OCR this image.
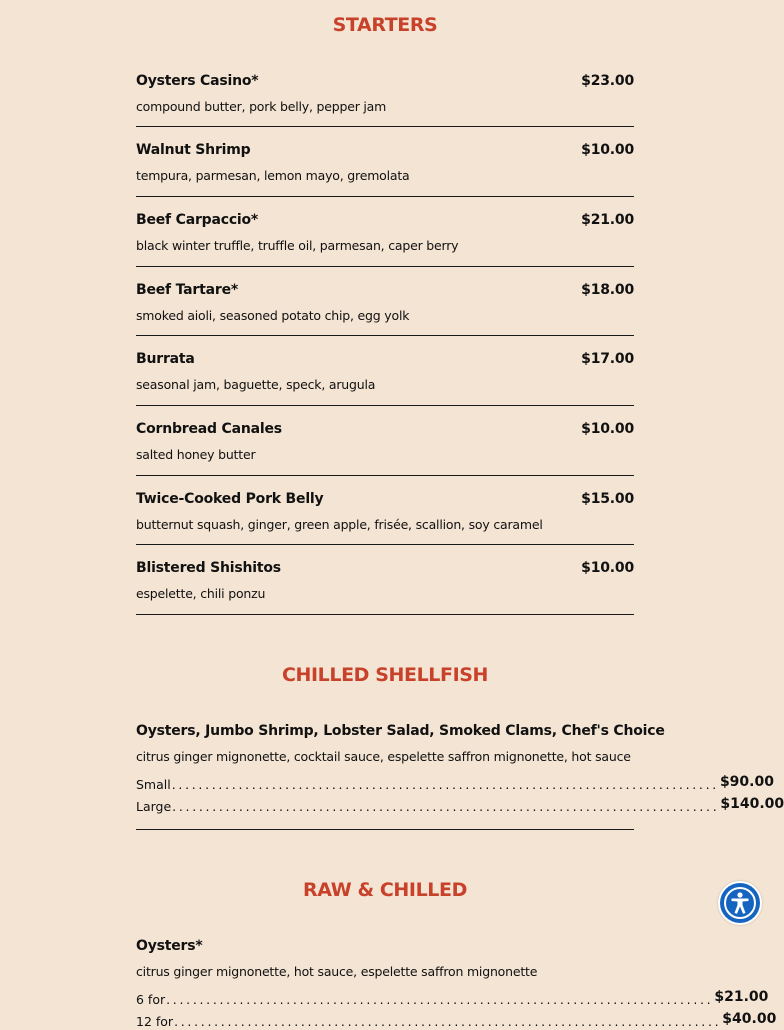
STARTERS
Oysters Casino*	$23.00
compound butter, pork belly, pepper jam
Walnut Shrimp	$10.00
tempura, parmesan, lemon mayo, gremolata
Beef Carpaccio*	$21.00
black winter truffle, truffle oil, parmesan, caper berry
Beef Tartare*	$18.00
smoked aioli, seasoned potato chip, egg yolk
Burrata	$17.00
seasonal jam, baguette, speck, arugula
Cornbread Canales	$10.00
salted honey butter
Twice-Cooked Pork Belly	$15.00
butternut squash, ginger, green apple, frisée, scallion, soy caramel
Blistered Shishitos	$10.00
espelette, chili ponzu
CHILLED SHELLFISH
Oysters, Jumbo Shrimp, Lobster Salad, Smoked Clams, Chef's Choice
citrus ginger mignonette, cocktail sauce, espelette saffron mignonette, hot sauce
Small .................................................................................. $90.00
Large .................................................................................. $140.00
RAW & CHILLED
Oysters*
citrus ginger mignonette, hot sauce, espelette saffron mignonette
6 for .................................................................................. $21.00
12 for .................................................................................. $40.00
